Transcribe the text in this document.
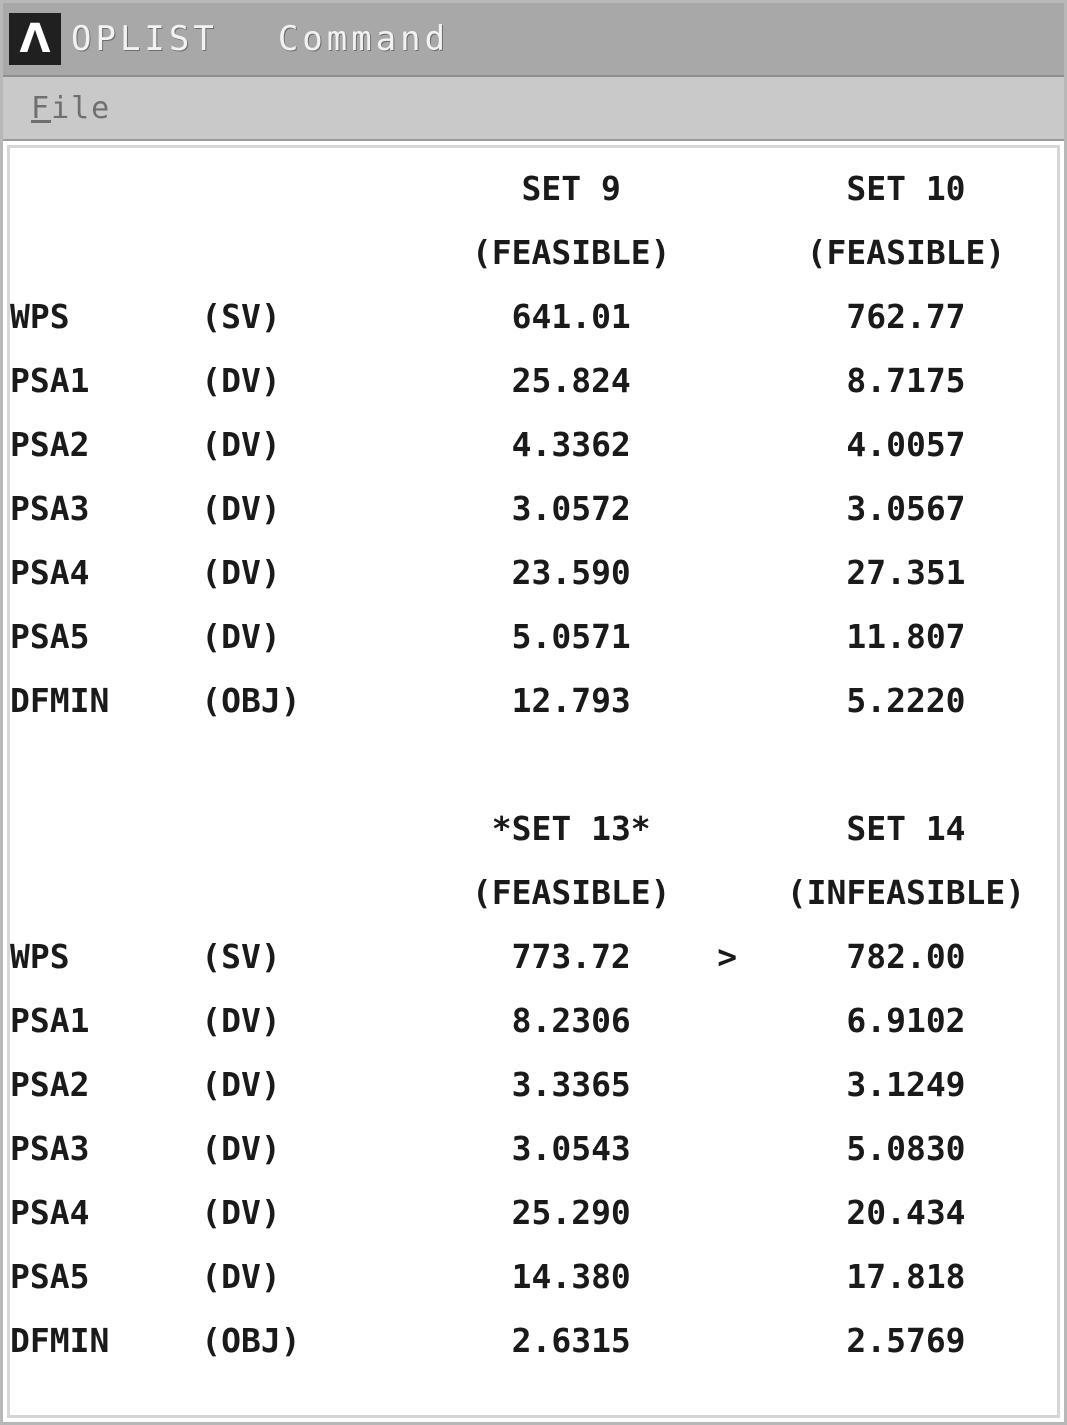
Λ OPLIST Command
File
			SET 9		SET 10
			(FEASIBLE)		(FEASIBLE)
WPS	(SV)		641.01		762.77
PSA1	(DV)		25.824		8.7175
PSA2	(DV)		4.3362		4.0057
PSA3	(DV)		3.0572		3.0567
PSA4	(DV)		23.590		27.351
PSA5	(DV)		5.0571		11.807
DFMIN	(OBJ)		12.793		5.2220

			*SET 13*		SET 14
			(FEASIBLE)		(INFEASIBLE)
WPS	(SV)		773.72	>	782.00
PSA1	(DV)		8.2306		6.9102
PSA2	(DV)		3.3365		3.1249
PSA3	(DV)		3.0543		5.0830
PSA4	(DV)		25.290		20.434
PSA5	(DV)		14.380		17.818
DFMIN	(OBJ)		2.6315		2.5769
